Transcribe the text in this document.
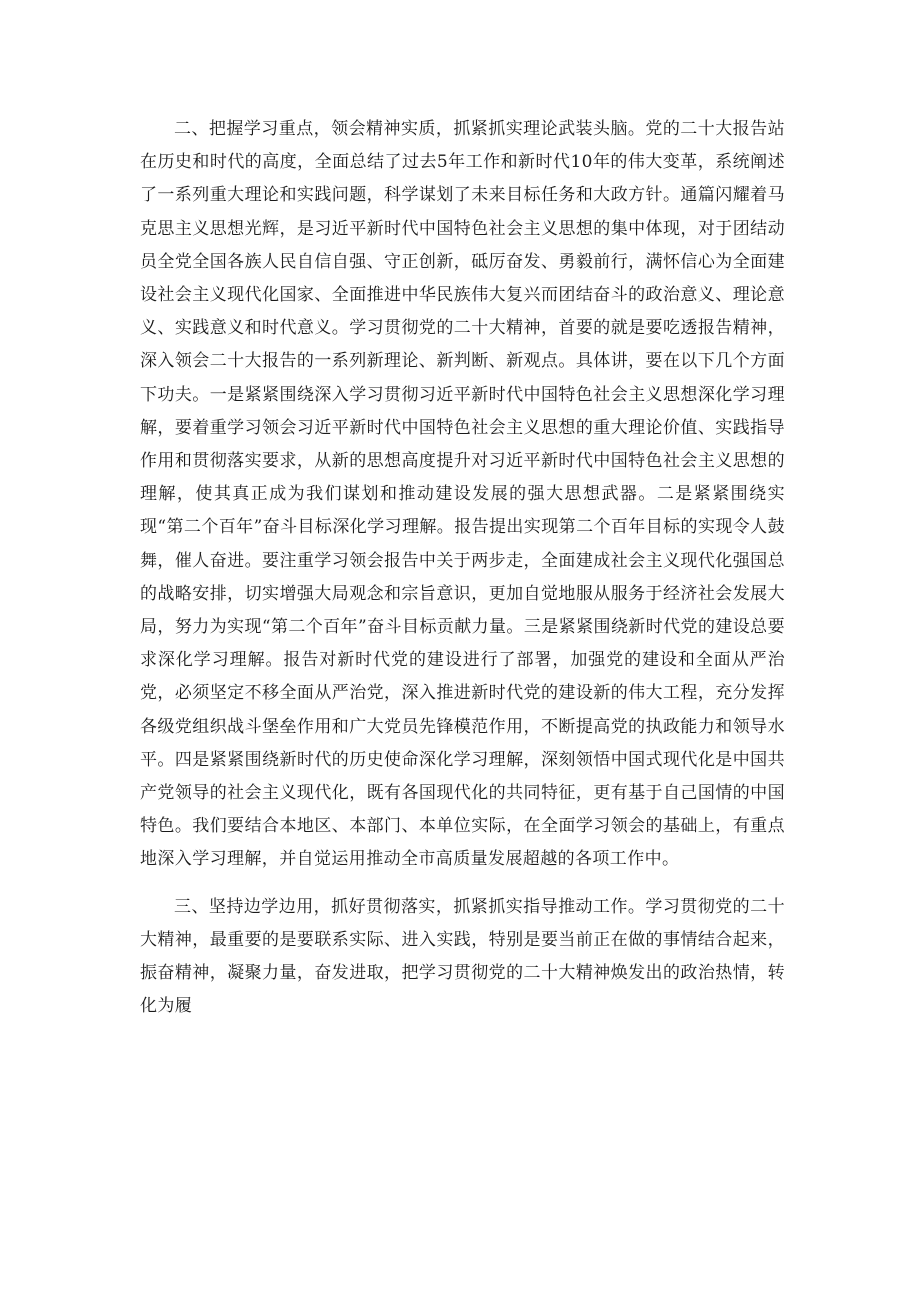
二、把握学习重点，领会精神实质，抓紧抓实理论武装头脑。党的二十大报告站在历史和时代的高度，全面总结了过去5年工作和新时代10年的伟大变革，系统阐述了一系列重大理论和实践问题，科学谋划了未来目标任务和大政方针。通篇闪耀着马克思主义思想光辉，是习近平新时代中国特色社会主义思想的集中体现，对于团结动员全党全国各族人民自信自强、守正创新，砥厉奋发、勇毅前行，满怀信心为全面建设社会主义现代化国家、全面推进中华民族伟大复兴而团结奋斗的政治意义、理论意义、实践意义和时代意义。学习贯彻党的二十大精神，首要的就是要吃透报告精神，深入领会二十大报告的一系列新理论、新判断、新观点。具体讲，要在以下几个方面下功夫。一是紧紧围绕深入学习贯彻习近平新时代中国特色社会主义思想深化学习理解，要着重学习领会习近平新时代中国特色社会主义思想的重大理论价值、实践指导作用和贯彻落实要求，从新的思想高度提升对习近平新时代中国特色社会主义思想的理解，使其真正成为我们谋划和推动建设发展的强大思想武器。二是紧紧围绕实现“第二个百年”奋斗目标深化学习理解。报告提出实现第二个百年目标的实现令人鼓舞，催人奋进。要注重学习领会报告中关于两步走，全面建成社会主义现代化强国总的战略安排，切实增强大局观念和宗旨意识，更加自觉地服从服务于经济社会发展大局，努力为实现“第二个百年”奋斗目标贡献力量。三是紧紧围绕新时代党的建设总要求深化学习理解。报告对新时代党的建设进行了部署，加强党的建设和全面从严治党，必须坚定不移全面从严治党，深入推进新时代党的建设新的伟大工程，充分发挥各级党组织战斗堡垒作用和广大党员先锋模范作用，不断提高党的执政能力和领导水平。四是紧紧围绕新时代的历史使命深化学习理解，深刻领悟中国式现代化是中国共产党领导的社会主义现代化，既有各国现代化的共同特征，更有基于自己国情的中国特色。我们要结合本地区、本部门、本单位实际，在全面学习领会的基础上，有重点地深入学习理解，并自觉运用推动全市高质量发展超越的各项工作中。

三、坚持边学边用，抓好贯彻落实，抓紧抓实指导推动工作。学习贯彻党的二十大精神，最重要的是要联系实际、进入实践，特别是要当前正在做的事情结合起来，振奋精神，凝聚力量，奋发进取，把学习贯彻党的二十大精神焕发出的政治热情，转化为履
